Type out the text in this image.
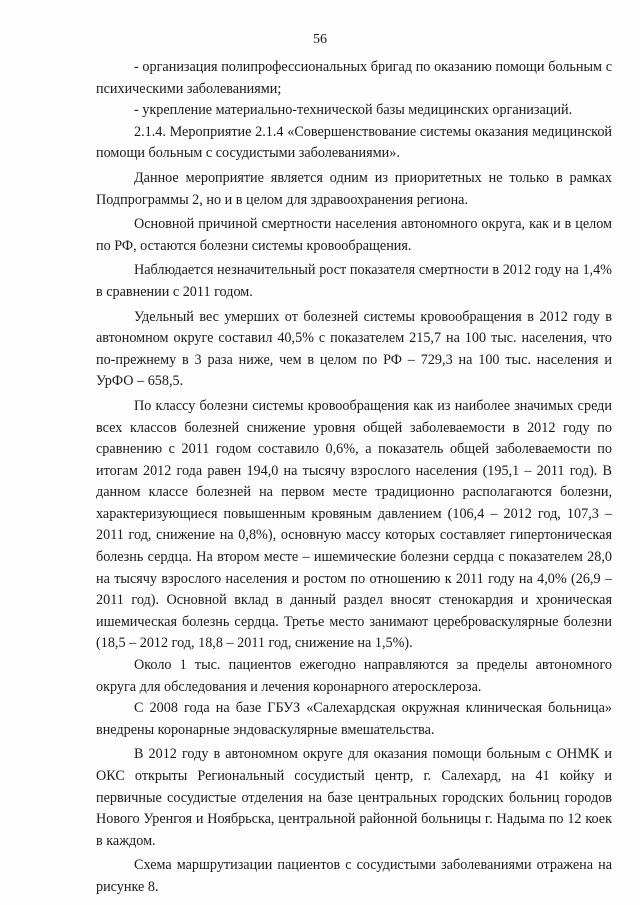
56

- организация полипрофессиональных бригад по оказанию помощи больным с психическими заболеваниями;

- укрепление материально-технической базы медицинских организаций.

2.1.4. Мероприятие 2.1.4 «Совершенствование системы оказания медицинской помощи больным с сосудистыми заболеваниями».

Данное мероприятие является одним из приоритетных не только в рамках Подпрограммы 2, но и в целом для здравоохранения региона.

Основной причиной смертности населения автономного округа, как и в целом по РФ, остаются болезни системы кровообращения.

Наблюдается незначительный рост показателя смертности в 2012 году на 1,4% в сравнении с 2011 годом.

Удельный вес умерших от болезней системы кровообращения в 2012 году в автономном округе составил 40,5% с показателем 215,7 на 100 тыс. населения, что по-прежнему в 3 раза ниже, чем в целом по РФ – 729,3 на 100 тыс. населения и УрФО – 658,5.

По классу болезни системы кровообращения как из наиболее значимых среди всех классов болезней снижение уровня общей заболеваемости в 2012 году по сравнению с 2011 годом составило 0,6%, а показатель общей заболеваемости по итогам 2012 года равен 194,0 на тысячу взрослого населения (195,1 – 2011 год). В данном классе болезней на первом месте традиционно располагаются болезни, характеризующиеся повышенным кровяным давлением (106,4 – 2012 год, 107,3 – 2011 год, снижение на 0,8%), основную массу которых составляет гипертоническая болезнь сердца. На втором месте – ишемические болезни сердца с показателем 28,0 на тысячу взрослого населения и ростом по отношению к 2011 году на 4,0% (26,9 – 2011 год). Основной вклад в данный раздел вносят стенокардия и хроническая ишемическая болезнь сердца. Третье место занимают цереброваскулярные болезни (18,5 – 2012 год, 18,8 – 2011 год, снижение на 1,5%).

Около 1 тыс. пациентов ежегодно направляются за пределы автономного округа для обследования и лечения коронарного атеросклероза.

С 2008 года на базе ГБУЗ «Салехардская окружная клиническая больница» внедрены коронарные эндоваскулярные вмешательства.

В 2012 году в автономном округе для оказания помощи больным с ОНМК и ОКС открыты Региональный сосудистый центр, г. Салехард, на 41 койку и первичные сосудистые отделения на базе центральных городских больниц городов Нового Уренгоя и Ноябрьска, центральной районной больницы г. Надыма по 12 коек в каждом.

Схема маршрутизации пациентов с сосудистыми заболеваниями отражена на рисунке 8.
